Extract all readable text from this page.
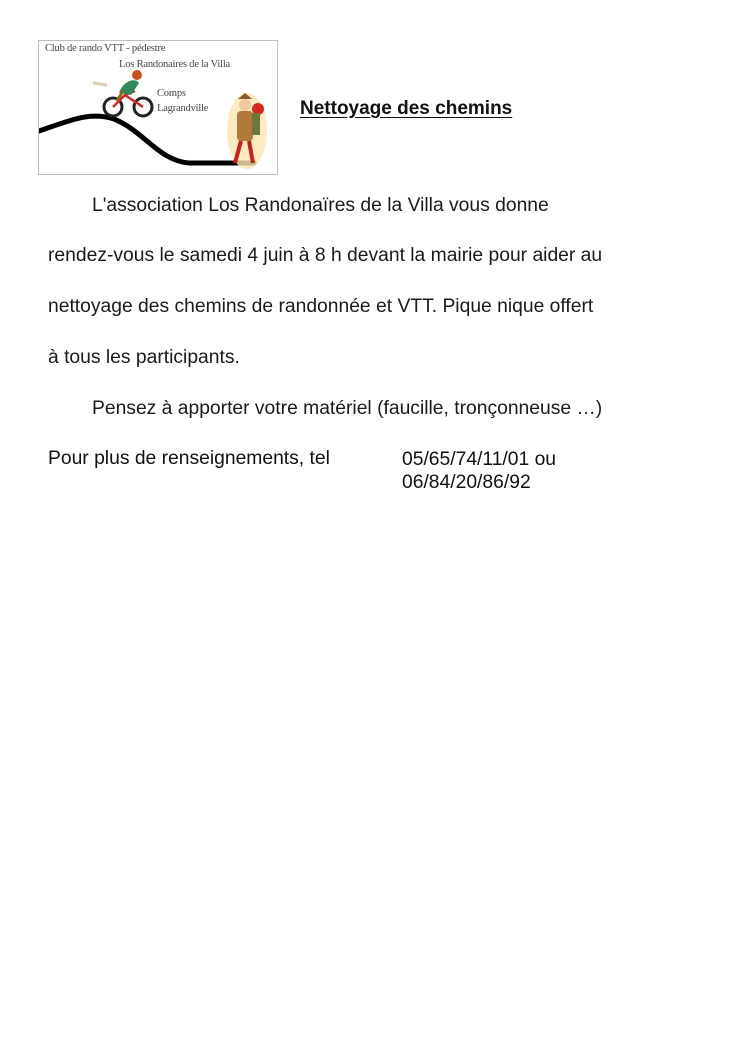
Club de rando VTT - pédestre
Los Randonaires de la Villa
Comps
Lagrandville	Nettoyage des chemins
L'association Los Randonaïres de la Villa vous donne
rendez-vous le samedi 4 juin à 8 h devant la mairie pour aider au
nettoyage des chemins de randonnée et VTT. Pique nique offert
à tous les participants.
Pensez à apporter votre matériel (faucille, tronçonneuse …)
Pour plus de renseignements, tel	05/65/74/11/01 ou
06/84/20/86/92
